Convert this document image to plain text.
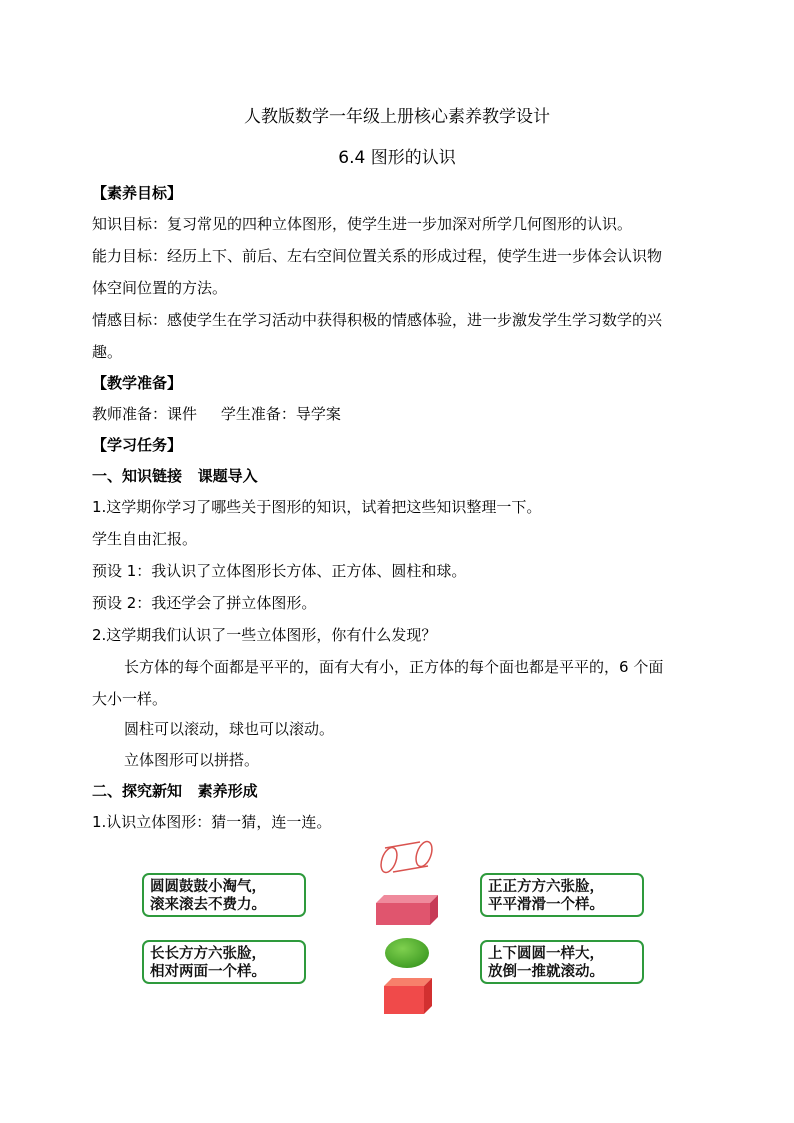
人教版数学一年级上册核心素养教学设计
6.4 图形的认识
【素养目标】
知识目标：复习常见的四种立体图形，使学生进一步加深对所学几何图形的认识。
能力目标：经历上下、前后、左右空间位置关系的形成过程，使学生进一步体会认识物
体空间位置的方法。
情感目标：感使学生在学习活动中获得积极的情感体验，进一步激发学生学习数学的兴
趣。
【教学准备】
教师准备：课件     学生准备：导学案
【学习任务】
一、知识链接   课题导入
1.这学期你学习了哪些关于图形的知识，试着把这些知识整理一下。
学生自由汇报。
预设 1：我认识了立体图形长方体、正方体、圆柱和球。
预设 2：我还学会了拼立体图形。
2.这学期我们认识了一些立体图形，你有什么发现？
长方体的每个面都是平平的，面有大有小，正方体的每个面也都是平平的，6 个面
大小一样。
圆柱可以滚动，球也可以滚动。
立体图形可以拼搭。
二、探究新知   素养形成
1.认识立体图形：猜一猜，连一连。
圆圆鼓鼓小淘气，
滚来滚去不费力。
长长方方六张脸，
相对两面一个样。
正正方方六张脸，
平平滑滑一个样。
上下圆圆一样大，
放倒一推就滚动。
